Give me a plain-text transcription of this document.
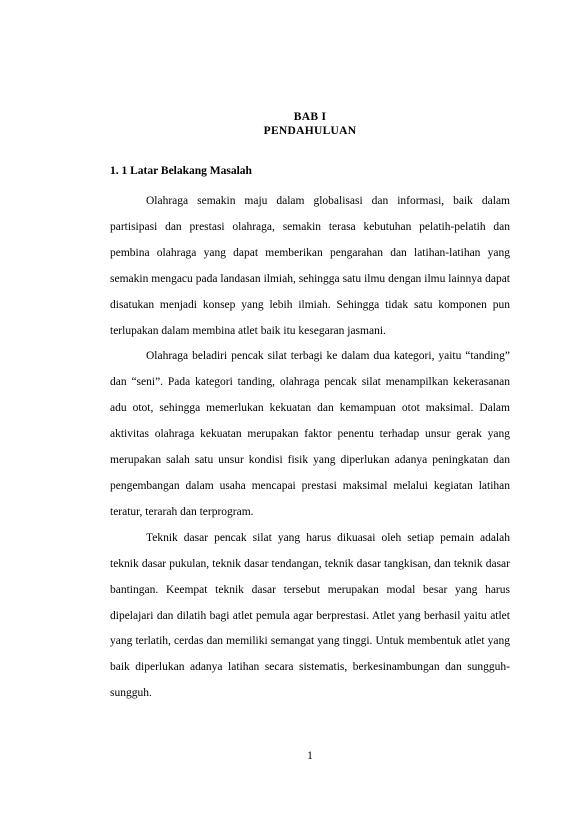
BAB I
PENDAHULUAN
1. 1 Latar Belakang Masalah

Olahraga semakin maju dalam globalisasi dan informasi, baik dalam partisipasi dan prestasi olahraga, semakin terasa kebutuhan pelatih-pelatih dan pembina olahraga yang dapat memberikan pengarahan dan latihan-latihan yang semakin mengacu pada landasan ilmiah, sehingga satu ilmu dengan ilmu lainnya dapat disatukan menjadi konsep yang lebih ilmiah. Sehingga tidak satu komponen pun terlupakan dalam membina atlet baik itu kesegaran jasmani.

Olahraga beladiri pencak silat terbagi ke dalam dua kategori, yaitu “tanding” dan “seni”. Pada kategori tanding, olahraga pencak silat menampilkan kekerasanan adu otot, sehingga memerlukan kekuatan dan kemampuan otot maksimal. Dalam aktivitas olahraga kekuatan merupakan faktor penentu terhadap unsur gerak yang merupakan salah satu unsur kondisi fisik yang diperlukan adanya peningkatan dan pengembangan dalam usaha mencapai prestasi maksimal melalui kegiatan latihan teratur, terarah dan terprogram.

Teknik dasar pencak silat yang harus dikuasai oleh setiap pemain adalah teknik dasar pukulan, teknik dasar tendangan, teknik dasar tangkisan, dan teknik dasar bantingan. Keempat teknik dasar tersebut merupakan modal besar yang harus dipelajari dan dilatih bagi atlet pemula agar berprestasi. Atlet yang berhasil yaitu atlet yang terlatih, cerdas dan memiliki semangat yang tinggi. Untuk membentuk atlet yang baik diperlukan adanya latihan secara sistematis, berkesinambungan dan sungguh-sungguh.

1
